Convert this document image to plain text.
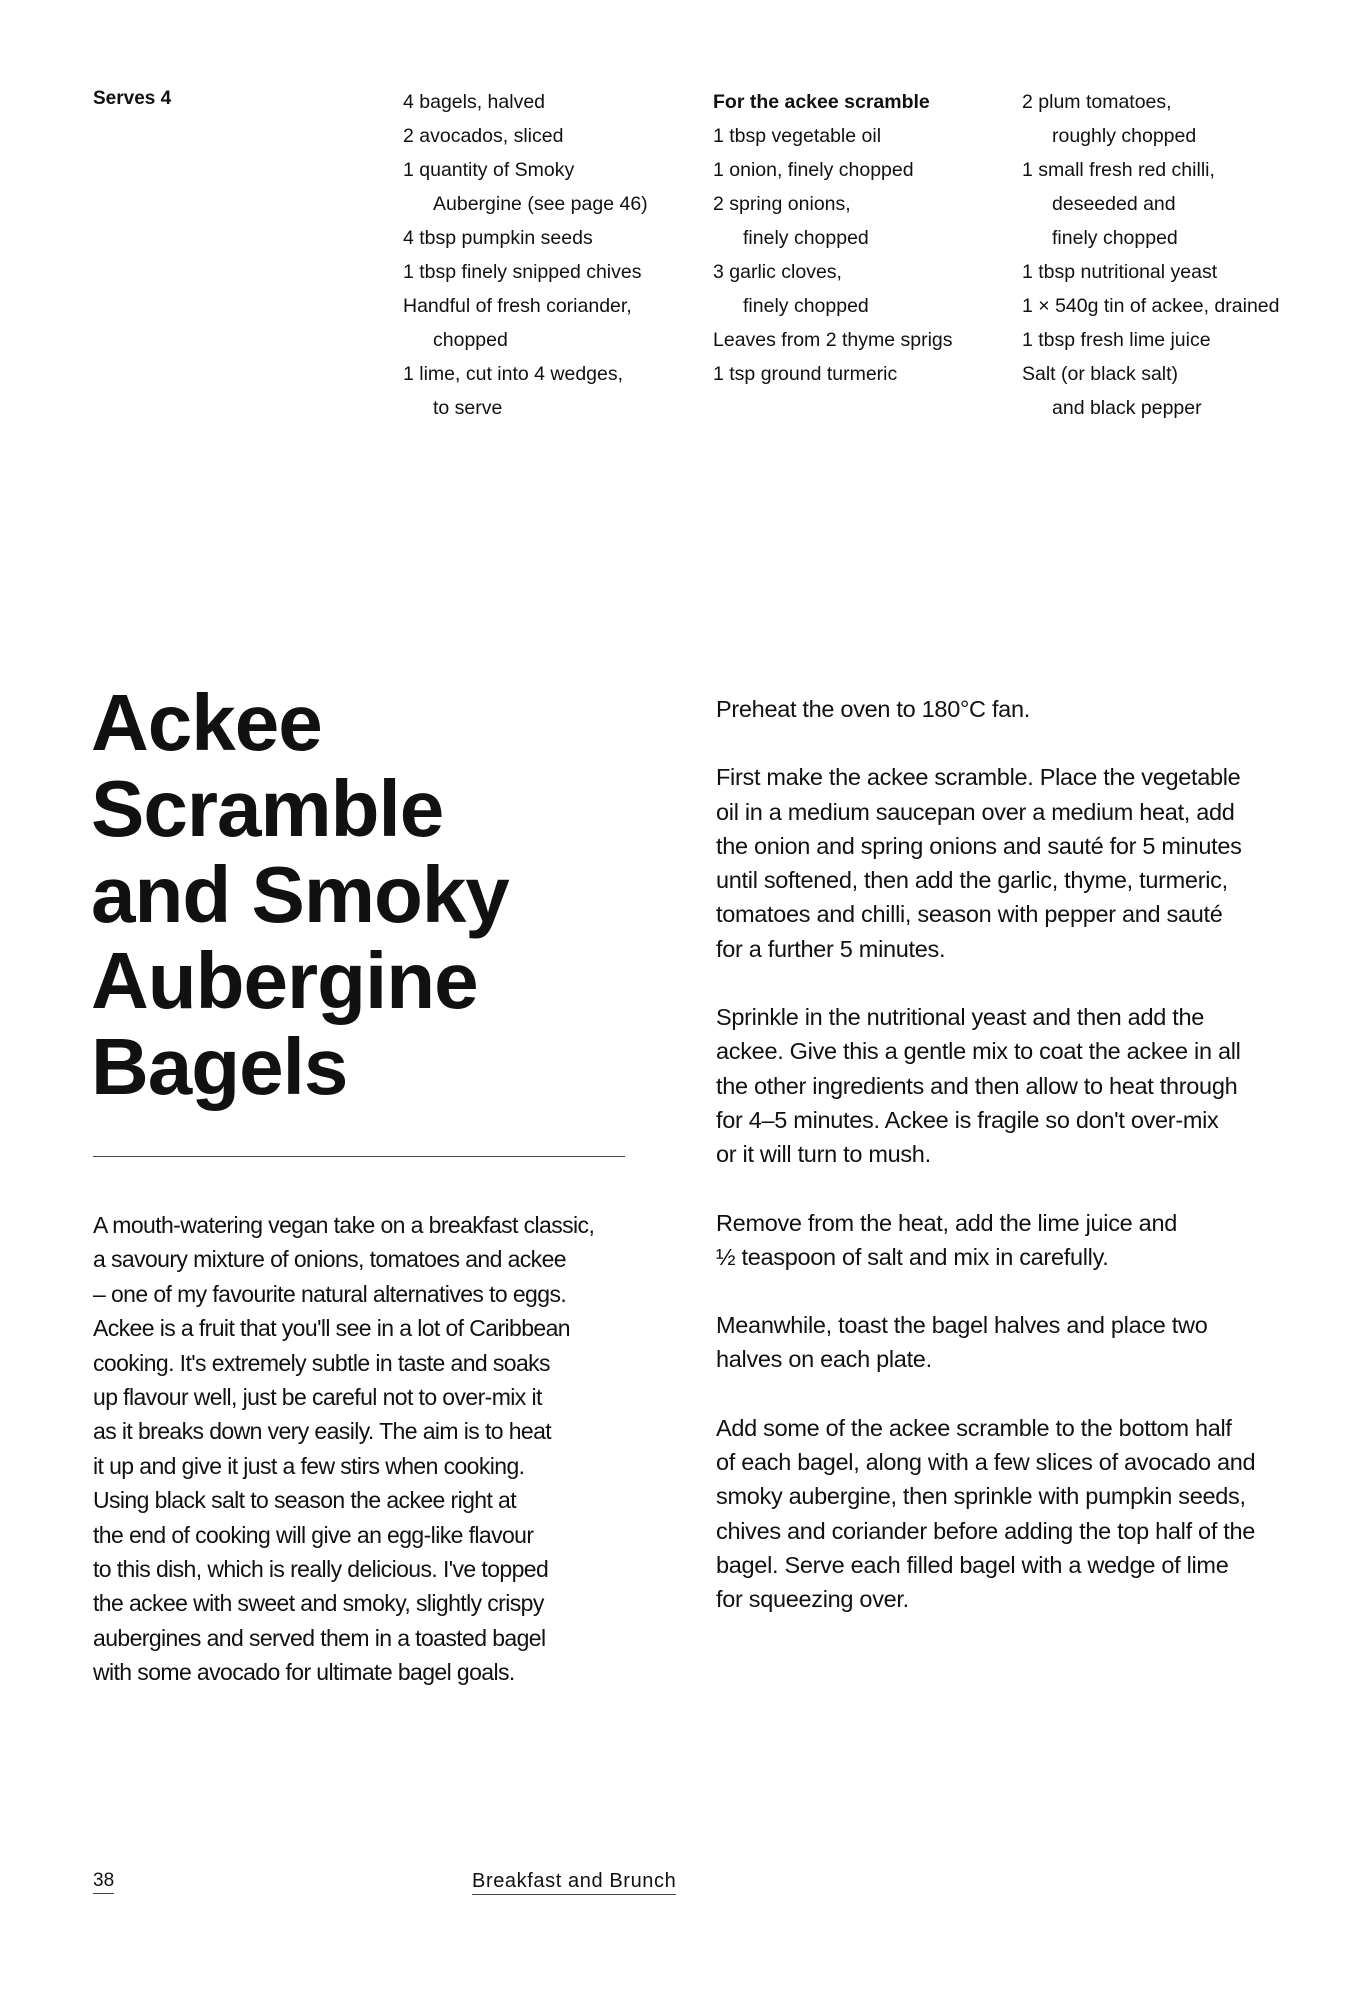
Serves 4	4 bagels, halved
2 avocados, sliced
1 quantity of Smoky
Aubergine (see page 46)
4 tbsp pumpkin seeds
1 tbsp finely snipped chives
Handful of fresh coriander,
chopped
1 lime, cut into 4 wedges,
to serve
For the ackee scramble
1 tbsp vegetable oil
1 onion, finely chopped
2 spring onions,
finely chopped
3 garlic cloves,
finely chopped
Leaves from 2 thyme sprigs
1 tsp ground turmeric
2 plum tomatoes,
roughly chopped
1 small fresh red chilli,
deseeded and
finely chopped
1 tbsp nutritional yeast
1 × 540g tin of ackee, drained
1 tbsp fresh lime juice
Salt (or black salt)
and black pepper
Ackee
Scramble
and Smoky
Aubergine
Bagels
A mouth-watering vegan take on a breakfast classic,
a savoury mixture of onions, tomatoes and ackee
– one of my favourite natural alternatives to eggs.
Ackee is a fruit that you'll see in a lot of Caribbean
cooking. It's extremely subtle in taste and soaks
up flavour well, just be careful not to over-mix it
as it breaks down very easily. The aim is to heat
it up and give it just a few stirs when cooking.
Using black salt to season the ackee right at
the end of cooking will give an egg-like flavour
to this dish, which is really delicious. I've topped
the ackee with sweet and smoky, slightly crispy
aubergines and served them in a toasted bagel
with some avocado for ultimate bagel goals.
Preheat the oven to 180°C fan.
First make the ackee scramble. Place the vegetable
oil in a medium saucepan over a medium heat, add
the onion and spring onions and sauté for 5 minutes
until softened, then add the garlic, thyme, turmeric,
tomatoes and chilli, season with pepper and sauté
for a further 5 minutes.
Sprinkle in the nutritional yeast and then add the
ackee. Give this a gentle mix to coat the ackee in all
the other ingredients and then allow to heat through
for 4–5 minutes. Ackee is fragile so don't over-mix
or it will turn to mush.
Remove from the heat, add the lime juice and
½ teaspoon of salt and mix in carefully.
Meanwhile, toast the bagel halves and place two
halves on each plate.
Add some of the ackee scramble to the bottom half
of each bagel, along with a few slices of avocado and
smoky aubergine, then sprinkle with pumpkin seeds,
chives and coriander before adding the top half of the
bagel. Serve each filled bagel with a wedge of lime
for squeezing over.
38	Breakfast and Brunch
